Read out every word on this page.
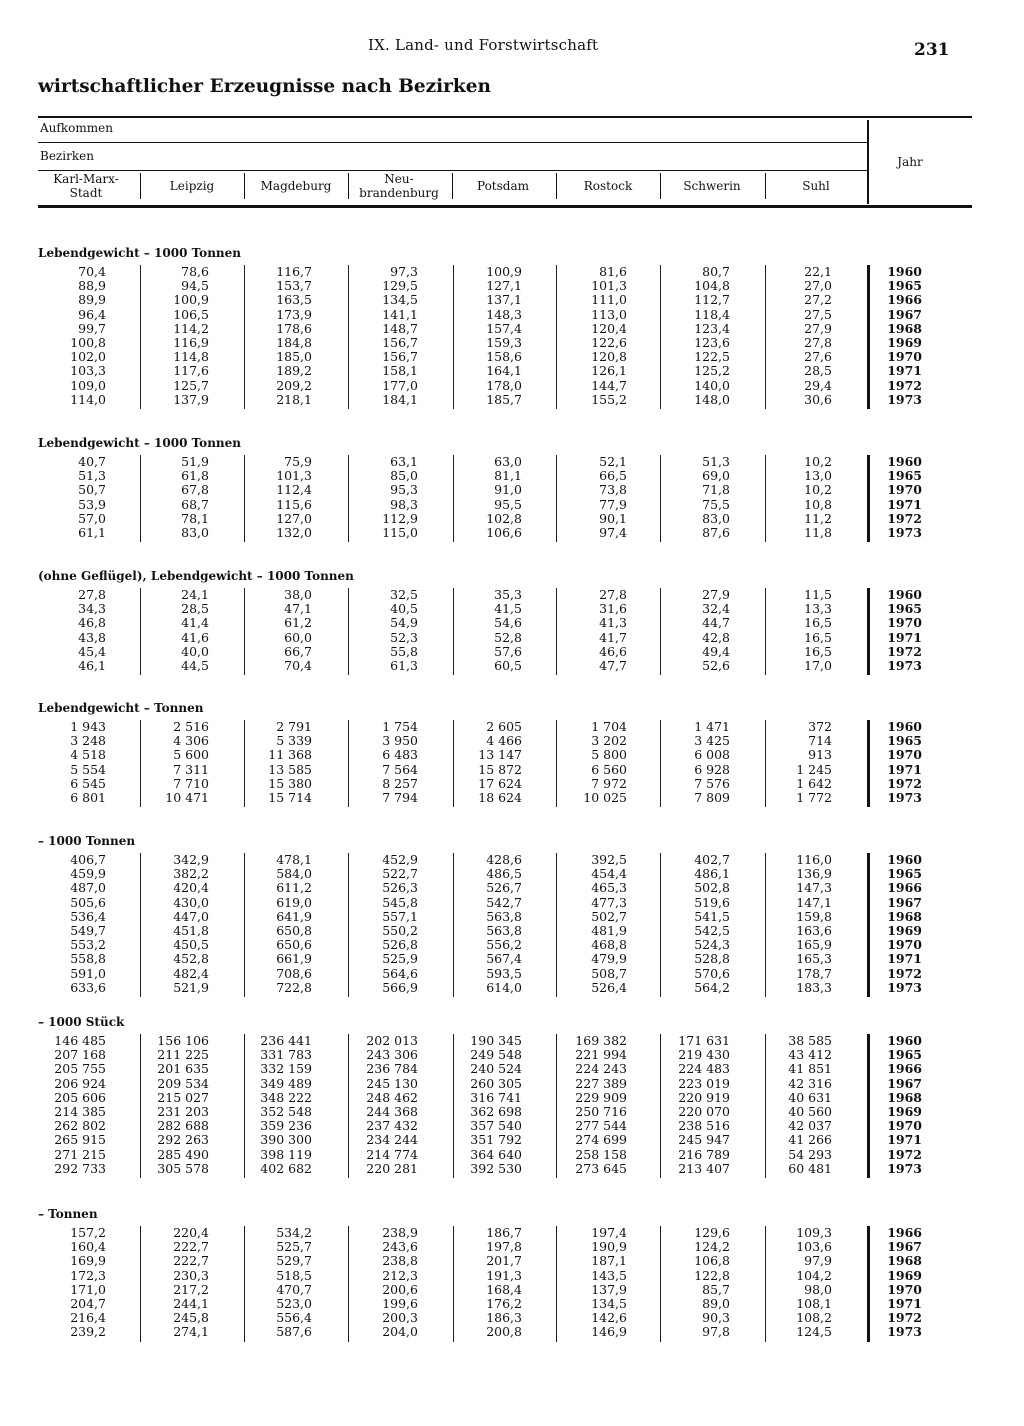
IX. Land- und Forstwirtschaft	231
wirtschaftlicher Erzeugnisse nach Bezirken
Aufkommen
Bezirken	Jahr
Karl-Marx-
Stadt	Leipzig	Magdeburg	Neu-
brandenburg	Potsdam	Rostock	Schwerin	Suhl
Lebendgewicht – 1000 Tonnen
70,4	78,6	116,7	97,3	100,9	81,6	80,7	22,1	1960
88,9	94,5	153,7	129,5	127,1	101,3	104,8	27,0	1965
89,9	100,9	163,5	134,5	137,1	111,0	112,7	27,2	1966
96,4	106,5	173,9	141,1	148,3	113,0	118,4	27,5	1967
99,7	114,2	178,6	148,7	157,4	120,4	123,4	27,9	1968
100,8	116,9	184,8	156,7	159,3	122,6	123,6	27,8	1969
102,0	114,8	185,0	156,7	158,6	120,8	122,5	27,6	1970
103,3	117,6	189,2	158,1	164,1	126,1	125,2	28,5	1971
109,0	125,7	209,2	177,0	178,0	144,7	140,0	29,4	1972
114,0	137,9	218,1	184,1	185,7	155,2	148,0	30,6	1973
Lebendgewicht – 1000 Tonnen
40,7	51,9	75,9	63,1	63,0	52,1	51,3	10,2	1960
51,3	61,8	101,3	85,0	81,1	66,5	69,0	13,0	1965
50,7	67,8	112,4	95,3	91,0	73,8	71,8	10,2	1970
53,9	68,7	115,6	98,3	95,5	77,9	75,5	10,8	1971
57,0	78,1	127,0	112,9	102,8	90,1	83,0	11,2	1972
61,1	83,0	132,0	115,0	106,6	97,4	87,6	11,8	1973
(ohne Geflügel), Lebendgewicht – 1000 Tonnen
27,8	24,1	38,0	32,5	35,3	27,8	27,9	11,5	1960
34,3	28,5	47,1	40,5	41,5	31,6	32,4	13,3	1965
46,8	41,4	61,2	54,9	54,6	41,3	44,7	16,5	1970
43,8	41,6	60,0	52,3	52,8	41,7	42,8	16,5	1971
45,4	40,0	66,7	55,8	57,6	46,6	49,4	16,5	1972
46,1	44,5	70,4	61,3	60,5	47,7	52,6	17,0	1973
Lebendgewicht – Tonnen
1 943	2 516	2 791	1 754	2 605	1 704	1 471	372	1960
3 248	4 306	5 339	3 950	4 466	3 202	3 425	714	1965
4 518	5 600	11 368	6 483	13 147	5 800	6 008	913	1970
5 554	7 311	13 585	7 564	15 872	6 560	6 928	1 245	1971
6 545	7 710	15 380	8 257	17 624	7 972	7 576	1 642	1972
6 801	10 471	15 714	7 794	18 624	10 025	7 809	1 772	1973
– 1000 Tonnen
406,7	342,9	478,1	452,9	428,6	392,5	402,7	116,0	1960
459,9	382,2	584,0	522,7	486,5	454,4	486,1	136,9	1965
487,0	420,4	611,2	526,3	526,7	465,3	502,8	147,3	1966
505,6	430,0	619,0	545,8	542,7	477,3	519,6	147,1	1967
536,4	447,0	641,9	557,1	563,8	502,7	541,5	159,8	1968
549,7	451,8	650,8	550,2	563,8	481,9	542,5	163,6	1969
553,2	450,5	650,6	526,8	556,2	468,8	524,3	165,9	1970
558,8	452,8	661,9	525,9	567,4	479,9	528,8	165,3	1971
591,0	482,4	708,6	564,6	593,5	508,7	570,6	178,7	1972
633,6	521,9	722,8	566,9	614,0	526,4	564,2	183,3	1973
– 1000 Stück
146 485	156 106	236 441	202 013	190 345	169 382	171 631	38 585	1960
207 168	211 225	331 783	243 306	249 548	221 994	219 430	43 412	1965
205 755	201 635	332 159	236 784	240 524	224 243	224 483	41 851	1966
206 924	209 534	349 489	245 130	260 305	227 389	223 019	42 316	1967
205 606	215 027	348 222	248 462	316 741	229 909	220 919	40 631	1968
214 385	231 203	352 548	244 368	362 698	250 716	220 070	40 560	1969
262 802	282 688	359 236	237 432	357 540	277 544	238 516	42 037	1970
265 915	292 263	390 300	234 244	351 792	274 699	245 947	41 266	1971
271 215	285 490	398 119	214 774	364 640	258 158	216 789	54 293	1972
292 733	305 578	402 682	220 281	392 530	273 645	213 407	60 481	1973
– Tonnen
157,2	220,4	534,2	238,9	186,7	197,4	129,6	109,3	1966
160,4	222,7	525,7	243,6	197,8	190,9	124,2	103,6	1967
169,9	222,7	529,7	238,8	201,7	187,1	106,8	97,9	1968
172,3	230,3	518,5	212,3	191,3	143,5	122,8	104,2	1969
171,0	217,2	470,7	200,6	168,4	137,9	85,7	98,0	1970
204,7	244,1	523,0	199,6	176,2	134,5	89,0	108,1	1971
216,4	245,8	556,4	200,3	186,3	142,6	90,3	108,2	1972
239,2	274,1	587,6	204,0	200,8	146,9	97,8	124,5	1973
